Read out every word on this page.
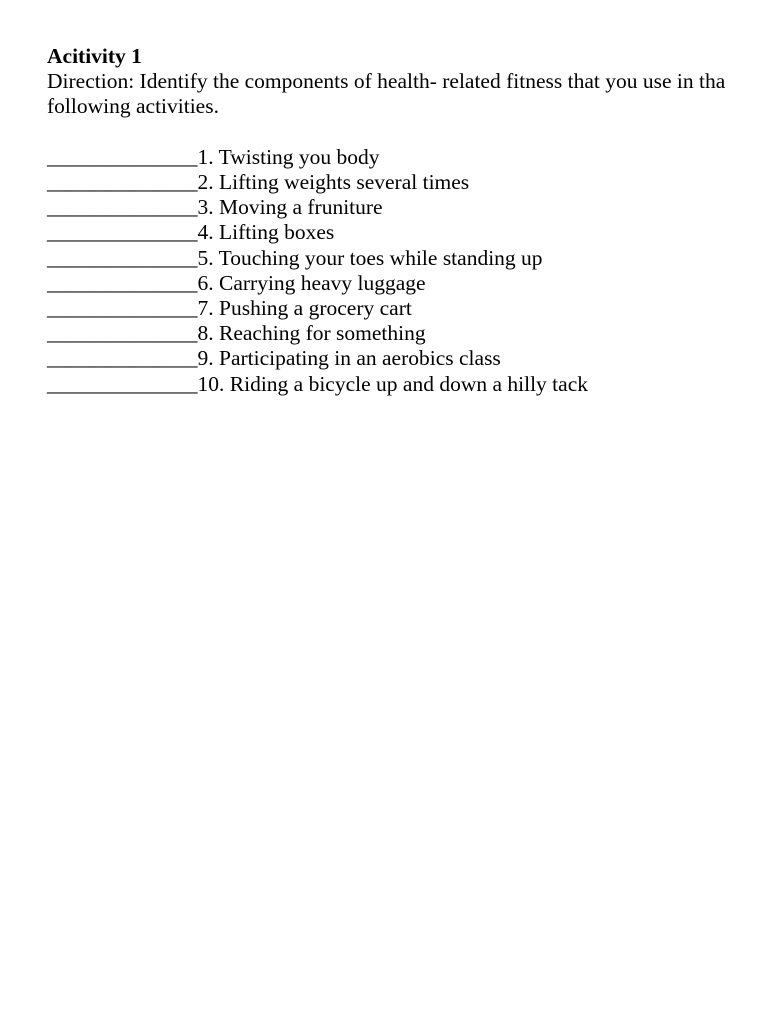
Acitivity 1

Direction: Identify the components of health- related fitness that you use in tha following activities.

______________1. Twisting you body
______________2. Lifting weights several times
______________3. Moving a fruniture
______________4. Lifting boxes
______________5. Touching your toes while standing up
______________6. Carrying heavy luggage
______________7. Pushing a grocery cart
______________8. Reaching for something
______________9. Participating in an aerobics class
______________10. Riding a bicycle up and down a hilly tack
